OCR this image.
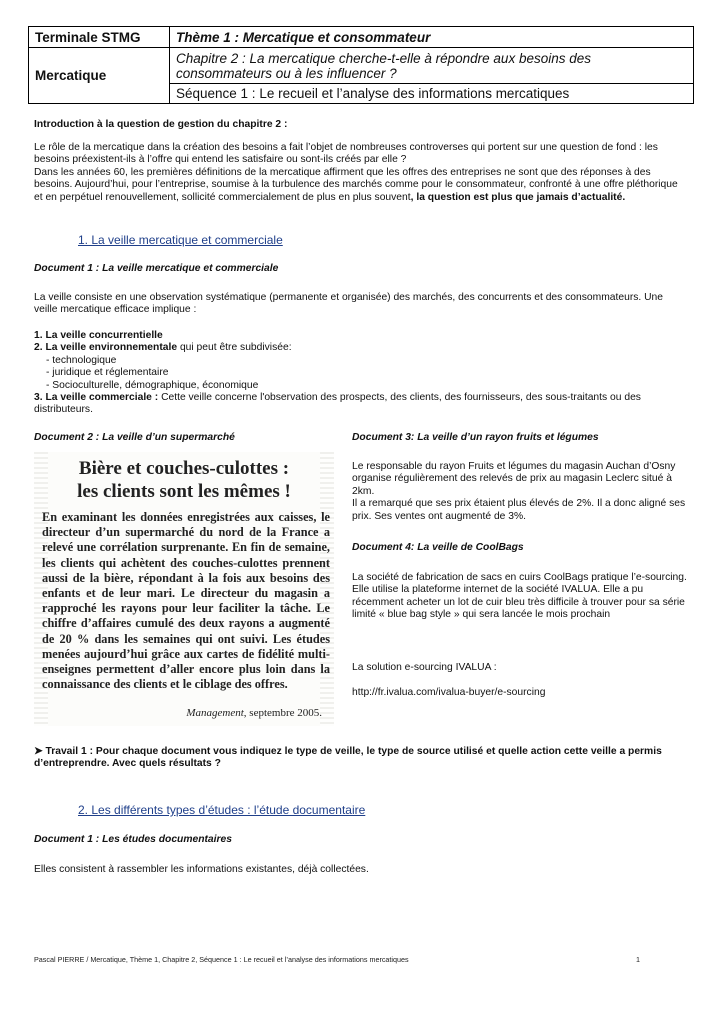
Terminale STMG	Thème 1 : Mercatique et consommateur
Mercatique	Chapitre 2 : La mercatique cherche-t-elle à répondre aux besoins des consommateurs ou à les influencer ?
	Séquence 1 : Le recueil et l’analyse des informations mercatiques
Introduction à la question de gestion du chapitre 2 :
Le rôle de la mercatique dans la création des besoins a fait l’objet de nombreuses controverses qui portent sur une question de fond : les besoins préexistent-ils à l’offre qui entend les satisfaire ou sont-ils créés par elle ?
Dans les années 60, les premières définitions de la mercatique affirment que les offres des entreprises ne sont que des réponses à des besoins. Aujourd’hui, pour l’entreprise, soumise à la turbulence des marchés comme pour le consommateur, confronté à une offre pléthorique et en perpétuel renouvellement, sollicité commercialement de plus en plus souvent, la question est plus que jamais d’actualité.
1. La veille mercatique et commerciale
Document 1 : La veille mercatique et commerciale
La veille consiste en une observation systématique (permanente et organisée) des marchés, des concurrents et des consommateurs. Une veille mercatique efficace implique :
1. La veille concurrentielle
2. La veille environnementale qui peut être subdivisée:
- technologique
- juridique et réglementaire
- Socioculturelle, démographique, économique
3. La veille commerciale : Cette veille concerne l'observation des prospects, des clients, des fournisseurs, des sous-traitants ou des distributeurs.
Document 2 : La veille d’un supermarché
Bière et couches-culottes :
les clients sont les mêmes !
En examinant les données enregistrées aux caisses, le directeur d’un supermarché du nord de la France a relevé une corrélation surprenante. En fin de semaine, les clients qui achètent des couches-culottes prennent aussi de la bière, répondant à la fois aux besoins des enfants et de leur mari. Le directeur du magasin a rapproché les rayons pour leur faciliter la tâche. Le chiffre d’affaires cumulé des deux rayons a augmenté de 20 % dans les semaines qui ont suivi. Les études menées aujourd’hui grâce aux cartes de fidélité multi-enseignes permettent d’aller encore plus loin dans la connaissance des clients et le ciblage des offres.
Management, septembre 2005.
Document 3: La veille d’un rayon fruits et légumes
Le responsable du rayon Fruits et légumes du magasin Auchan d’Osny organise régulièrement des relevés de prix au magasin Leclerc situé à 2km.
Il a remarqué que ses prix étaient plus élevés de 2%. Il a donc aligné ses prix. Ses ventes ont augmenté de 3%.
Document 4: La veille de CoolBags
La société de fabrication de sacs en cuirs CoolBags pratique l’e-sourcing. Elle utilise la plateforme internet de la société IVALUA. Elle a pu récemment acheter un lot de cuir bleu très difficile à trouver pour sa série limité « blue bag style » qui sera lancée le mois prochain
La solution e-sourcing IVALUA :
http://fr.ivalua.com/ivalua-buyer/e-sourcing
➤ Travail 1 : Pour chaque document vous indiquez le type de veille, le type de source utilisé et quelle action cette veille a permis d’entreprendre. Avec quels résultats ?
2. Les différents types d’études : l’étude documentaire
Document 1 : Les études documentaires
Elles consistent à rassembler les informations existantes, déjà collectées.
Pascal PIERRE / Mercatique, Thème 1, Chapitre 2, Séquence 1 : Le recueil et l’analyse des informations mercatiques	1
